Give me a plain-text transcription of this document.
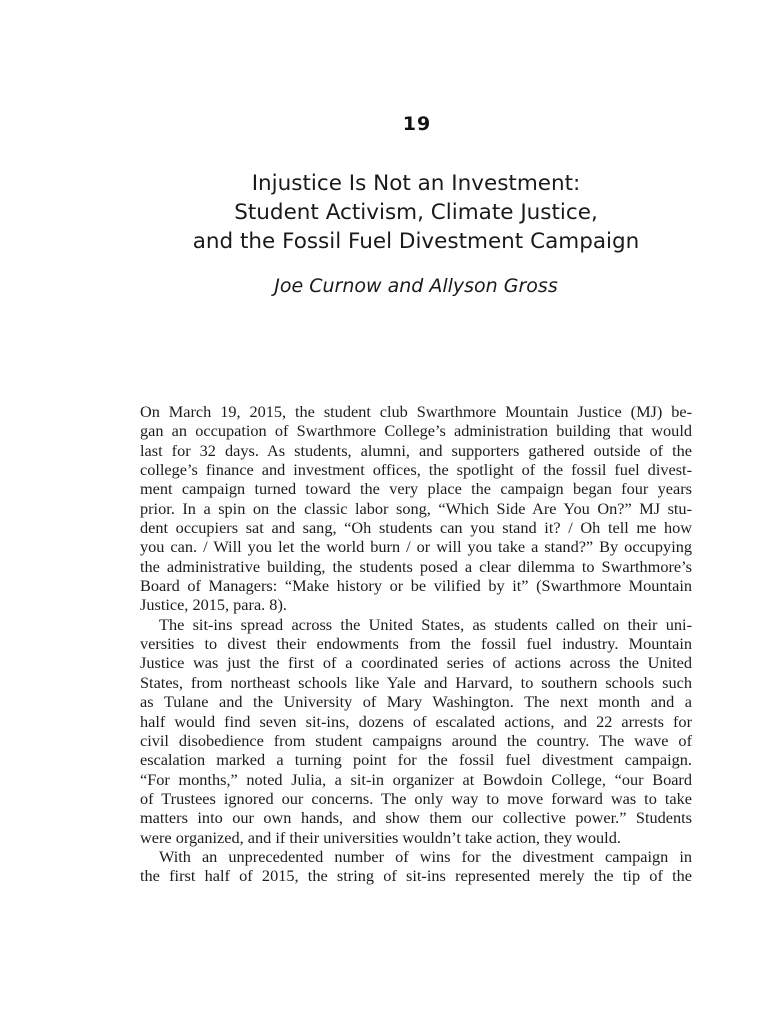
19
Injustice Is Not an Investment:
Student Activism, Climate Justice,
and the Fossil Fuel Divestment Campaign
Joe Curnow and Allyson Gross
On March 19, 2015, the student club Swarthmore Mountain Justice (MJ) be-
gan an occupation of Swarthmore College’s administration building that would
last for 32 days. As students, alumni, and supporters gathered outside of the
college’s finance and investment offices, the spotlight of the fossil fuel divest-
ment campaign turned toward the very place the campaign began four years
prior. In a spin on the classic labor song, “Which Side Are You On?” MJ stu-
dent occupiers sat and sang, “Oh students can you stand it? / Oh tell me how
you can. / Will you let the world burn / or will you take a stand?” By occupying
the administrative building, the students posed a clear dilemma to Swarthmore’s
Board of Managers: “Make history or be vilified by it” (Swarthmore Mountain
Justice, 2015, para. 8).
The sit-ins spread across the United States, as students called on their uni-
versities to divest their endowments from the fossil fuel industry. Mountain
Justice was just the first of a coordinated series of actions across the United
States, from northeast schools like Yale and Harvard, to southern schools such
as Tulane and the University of Mary Washington. The next month and a
half would find seven sit-ins, dozens of escalated actions, and 22 arrests for
civil disobedience from student campaigns around the country. The wave of
escalation marked a turning point for the fossil fuel divestment campaign.
“For months,” noted Julia, a sit-in organizer at Bowdoin College, “our Board
of Trustees ignored our concerns. The only way to move forward was to take
matters into our own hands, and show them our collective power.” Students
were organized, and if their universities wouldn’t take action, they would.
With an unprecedented number of wins for the divestment campaign in
the first half of 2015, the string of sit-ins represented merely the tip of the
